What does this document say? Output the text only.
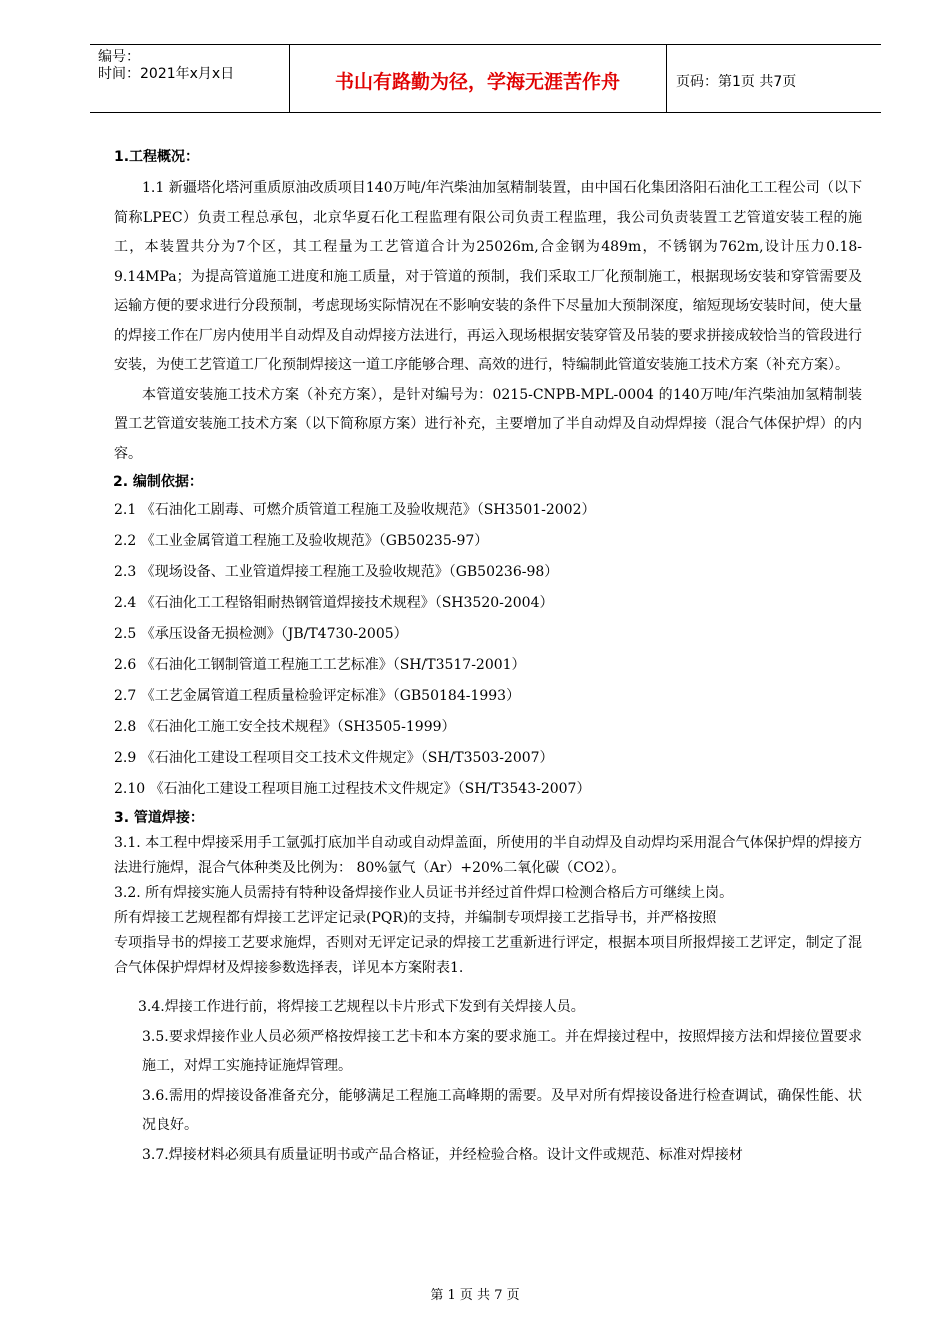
编号：
时间：2021年x月x日	书山有路勤为径，学海无涯苦作舟	页码：第1页 共7页

1.工程概况：

1.1 新疆塔化塔河重质原油改质项目140万吨/年汽柴油加氢精制装置，由中国石化集团洛阳石油化工工程公司（以下简称LPEC）负责工程总承包，北京华夏石化工程监理有限公司负责工程监理，我公司负责装置工艺管道安装工程的施工，本装置共分为7个区，其工程量为工艺管道合计为25026m,合金钢为489m，不锈钢为762m,设计压力0.18-9.14MPa；为提高管道施工进度和施工质量，对于管道的预制，我们采取工厂化预制施工，根据现场安装和穿管需要及运输方便的要求进行分段预制，考虑现场实际情况在不影响安装的条件下尽量加大预制深度，缩短现场安装时间，使大量的焊接工作在厂房内使用半自动焊及自动焊接方法进行，再运入现场根据安装穿管及吊装的要求拼接成较恰当的管段进行安装，为使工艺管道工厂化预制焊接这一道工序能够合理、高效的进行，特编制此管道安装施工技术方案（补充方案）。

本管道安装施工技术方案（补充方案），是针对编号为：0215-CNPB-MPL-0004 的140万吨/年汽柴油加氢精制装置工艺管道安装施工技术方案（以下简称原方案）进行补充，主要增加了半自动焊及自动焊焊接（混合气体保护焊）的内容。

2. 编制依据：

2.1 《石油化工剧毒、可燃介质管道工程施工及验收规范》（SH3501-2002）

2.2 《工业金属管道工程施工及验收规范》（GB50235-97）

2.3 《现场设备、工业管道焊接工程施工及验收规范》（GB50236-98）

2.4 《石油化工工程铬钼耐热钢管道焊接技术规程》（SH3520-2004）

2.5 《承压设备无损检测》（JB/T4730-2005）

2.6 《石油化工钢制管道工程施工工艺标准》（SH/T3517-2001）

2.7 《工艺金属管道工程质量检验评定标准》（GB50184-1993）

2.8 《石油化工施工安全技术规程》（SH3505-1999）

2.9 《石油化工建设工程项目交工技术文件规定》（SH/T3503-2007）

2.10 《石油化工建设工程项目施工过程技术文件规定》（SH/T3543-2007）

3. 管道焊接：

3.1. 本工程中焊接采用手工氩弧打底加半自动或自动焊盖面，所使用的半自动焊及自动焊均采用混合气体保护焊的焊接方法进行施焊，混合气体种类及比例为： 80%氩气（Ar）+20%二氧化碳（CO2）。

3.2. 所有焊接实施人员需持有特种设备焊接作业人员证书并经过首件焊口检测合格后方可继续上岗。

所有焊接工艺规程都有焊接工艺评定记录(PQR)的支持，并编制专项焊接工艺指导书，并严格按照

专项指导书的焊接工艺要求施焊，否则对无评定记录的焊接工艺重新进行评定，根据本项目所报焊接工艺评定，制定了混合气体保护焊焊材及焊接参数选择表，详见本方案附表1.

3.4.焊接工作进行前，将焊接工艺规程以卡片形式下发到有关焊接人员。

3.5.要求焊接作业人员必须严格按焊接工艺卡和本方案的要求施工。并在焊接过程中，按照焊接方法和焊接位置要求施工，对焊工实施持证施焊管理。

3.6.需用的焊接设备准备充分，能够满足工程施工高峰期的需要。及早对所有焊接设备进行检查调试，确保性能、状况良好。

3.7.焊接材料必须具有质量证明书或产品合格证，并经检验合格。设计文件或规范、标准对焊接材

第 1 页 共 7 页
